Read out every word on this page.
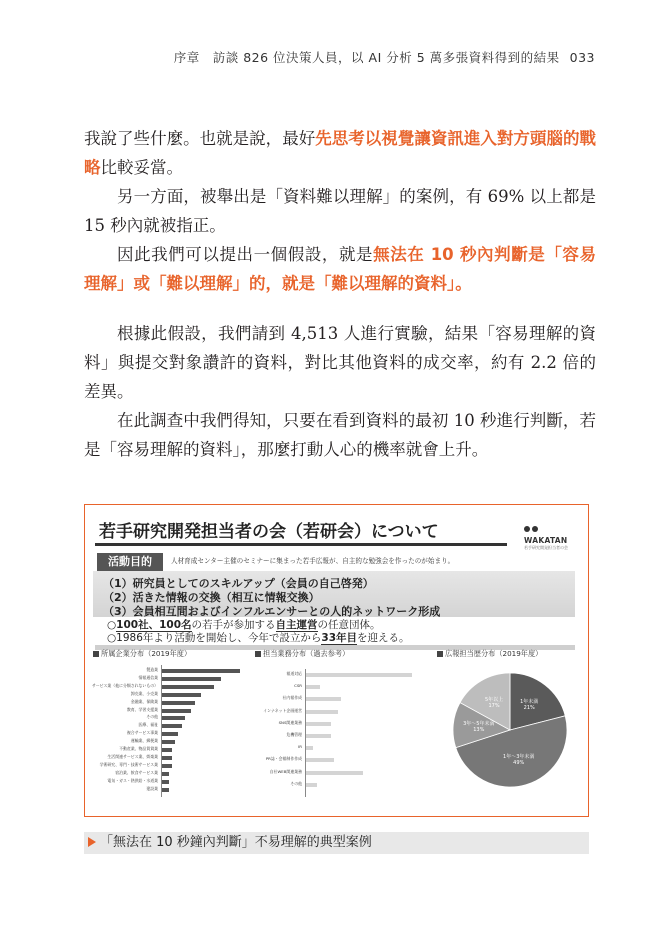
序章　訪談 826 位決策人員，以 AI 分析 5 萬多張資料得到的結果 033

我說了些什麼。也就是說，最好先思考以視覺讓資訊進入對方頭腦的戰略比較妥當。

另一方面，被舉出是「資料難以理解」的案例，有 69% 以上都是 15 秒內就被指正。

因此我們可以提出一個假設，就是無法在 10 秒內判斷是「容易理解」或「難以理解」的，就是「難以理解的資料」。

根據此假設，我們請到 4,513 人進行實驗，結果「容易理解的資料」與提交對象讚許的資料，對比其他資料的成交率，約有 2.2 倍的差異。

在此調查中我們得知，只要在看到資料的最初 10 秒進行判斷，若是「容易理解的資料」，那麼打動人心的機率就會上升。

若手研究開発担当者の会（若研会）について	WAKATAN
若手研究開発担当者の会
活動目的	人材育成センター主催のセミナーに集まった若手広報が、自主的な勉強会を作ったのが始まり。
（1）研究員としてのスキルアップ（会員の自己啓発）
（2）活きた情報の交換（相互に情報交換）
（3）会員相互間およびインフルエンサーとの人的ネットワーク形成
○100社、100名の若手が参加する自主運営の任意団体。
○1986年より活動を開始し、今年で設立から33年目を迎える。
所属企業分布（2019年度）	担当業務分布（過去参考）	広報担当歴分布（2019年度）
製造業
情報通信業
サービス業（他に分類されないもの）
卸売業、小売業
金融業、保険業
教育、学習支援業
その他
医療、福祉
複合サービス事業
運輸業、郵便業
不動産業、物品賃貸業
生活関連サービス業、娯楽業
学術研究、専門・技術サービス業
宿泊業、飲食サービス業
電気・ガス・熱供給・水道業
建設業
報道対応
CSR
社内報作成
インナネット企画運営
SNS関連業務
危機管理
IR
PR誌・会報制作作成
自社WEB関連業務
その他
1年未満 21%
1年〜3年未満 49%
3年〜5年未満 13%
5年以上 17%
「無法在 10 秒鐘內判斷」不易理解的典型案例
